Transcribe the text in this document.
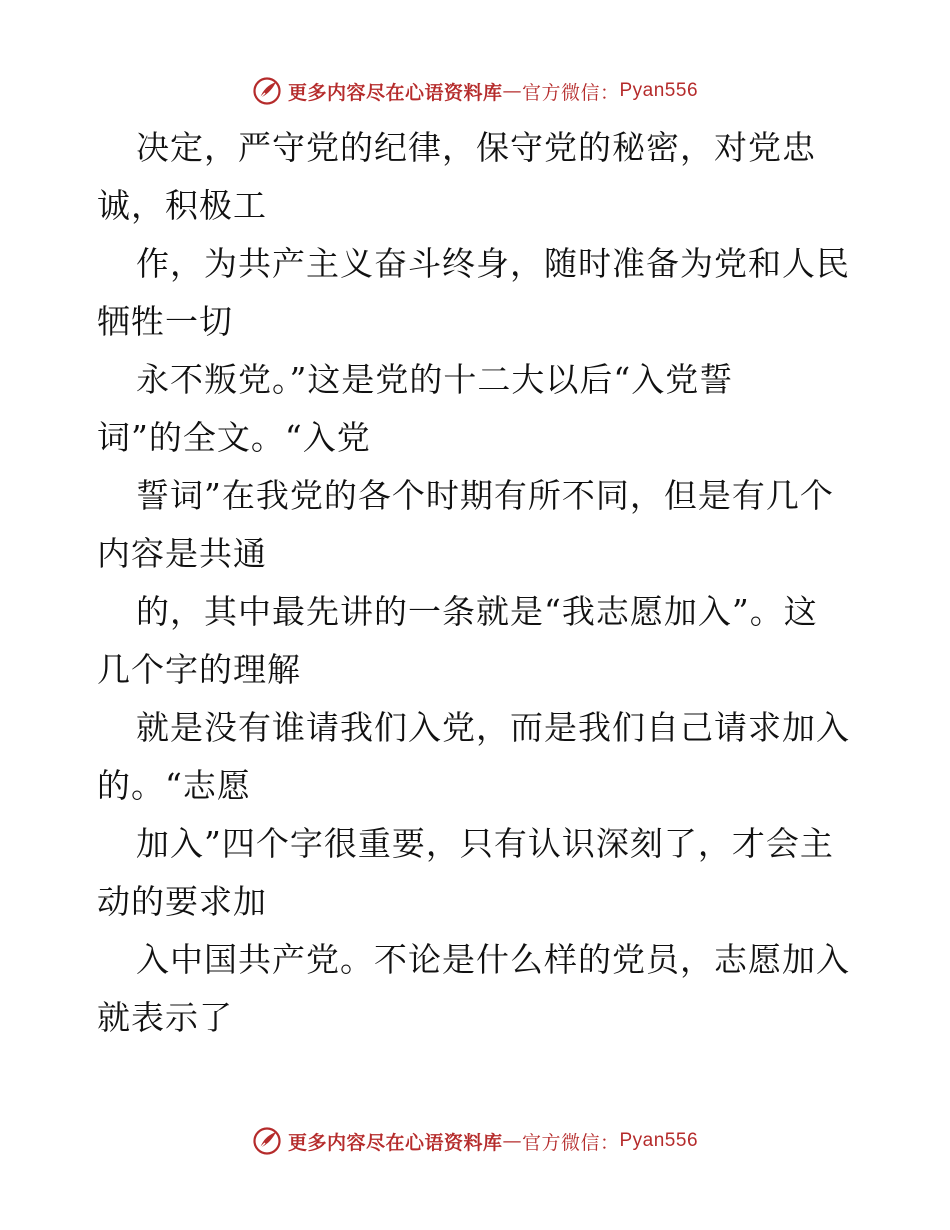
更多内容尽在心语资料库 — 官方微信： Pyan556
决定，严守党的纪律，保守党的秘密，对党忠
诚，积极工
作，为共产主义奋斗终身，随时准备为党和人民
牺牲一切
永不叛党。”这是党的十二大以后“入党誓
词”的全文。“入党
誓词”在我党的各个时期有所不同，但是有几个
内容是共通
的，其中最先讲的一条就是“我志愿加入”。这
几个字的理解
就是没有谁请我们入党，而是我们自己请求加入
的。“志愿
加入”四个字很重要，只有认识深刻了，才会主
动的要求加
入中国共产党。不论是什么样的党员，志愿加入
就表示了
更多内容尽在心语资料库 — 官方微信： Pyan556
